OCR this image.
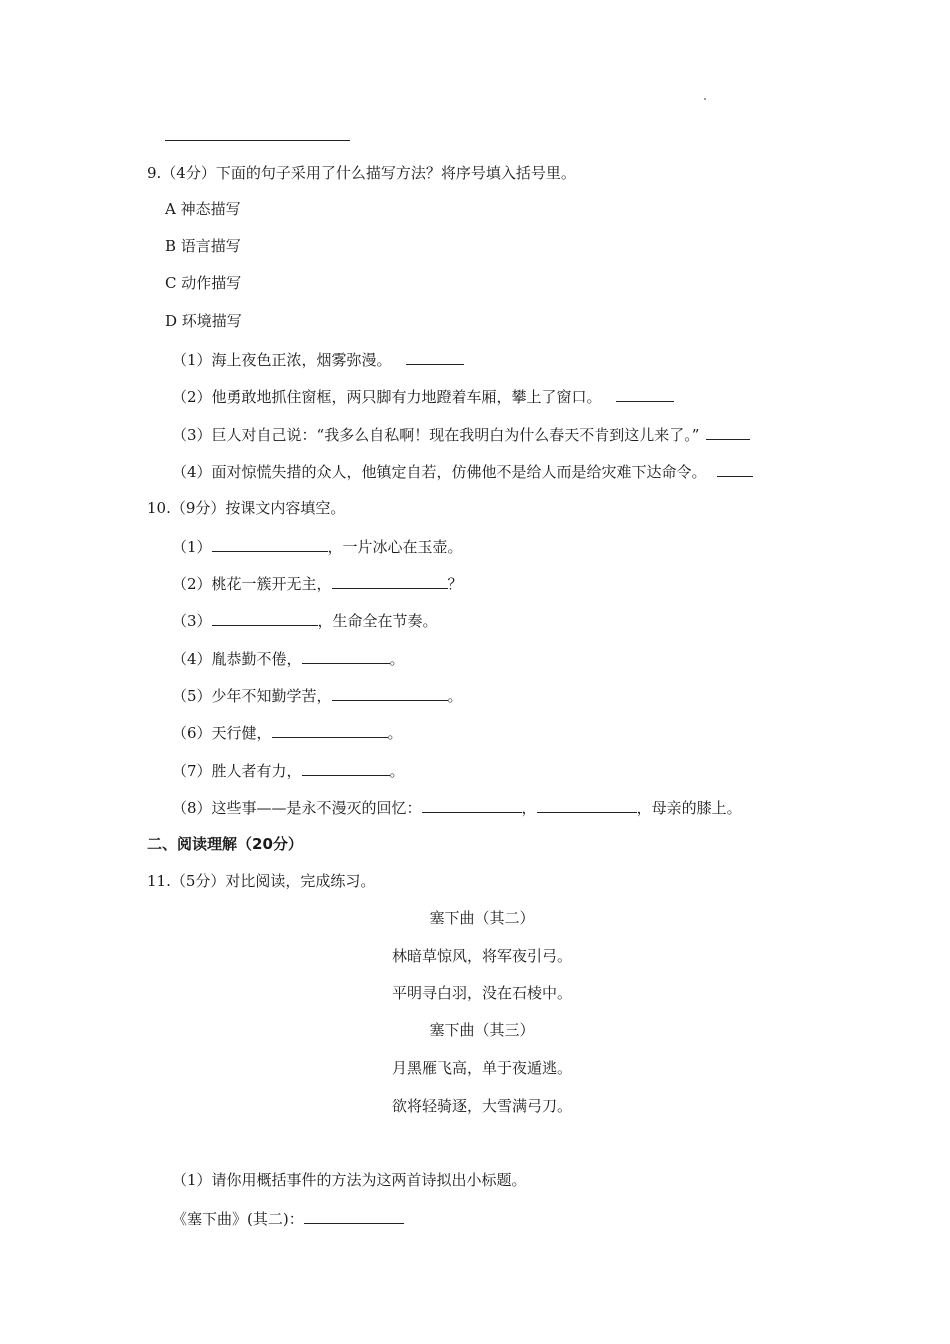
9.（4分）下面的句子采用了什么描写方法？将序号填入括号里。
A 神态描写
B 语言描写
C 动作描写
D 环境描写
（1）海上夜色正浓，烟雾弥漫。
（2）他勇敢地抓住窗框，两只脚有力地蹬着车厢，攀上了窗口。
（3）巨人对自己说：“我多么自私啊！现在我明白为什么春天不肯到这儿来了。”
（4）面对惊慌失措的众人，他镇定自若，仿佛他不是给人而是给灾难下达命令。
10.（9分）按课文内容填空。
（1）	，一片冰心在玉壶。
（2）桃花一簇开无主，	？
（3）	，生命全在节奏。
（4）胤恭勤不倦，	。
（5）少年不知勤学苦，	。
（6）天行健，	。
（7）胜人者有力，	。
（8）这些事——是永不漫灭的回忆：	，	，母亲的膝上。
二、阅读理解（20分）
11.（5分）对比阅读，完成练习。
塞下曲（其二）
林暗草惊风，将军夜引弓。
平明寻白羽，没在石棱中。
塞下曲（其三）
月黑雁飞高，单于夜遁逃。
欲将轻骑逐，大雪满弓刀。
（1）请你用概括事件的方法为这两首诗拟出小标题。
《塞下曲》(其二)：
